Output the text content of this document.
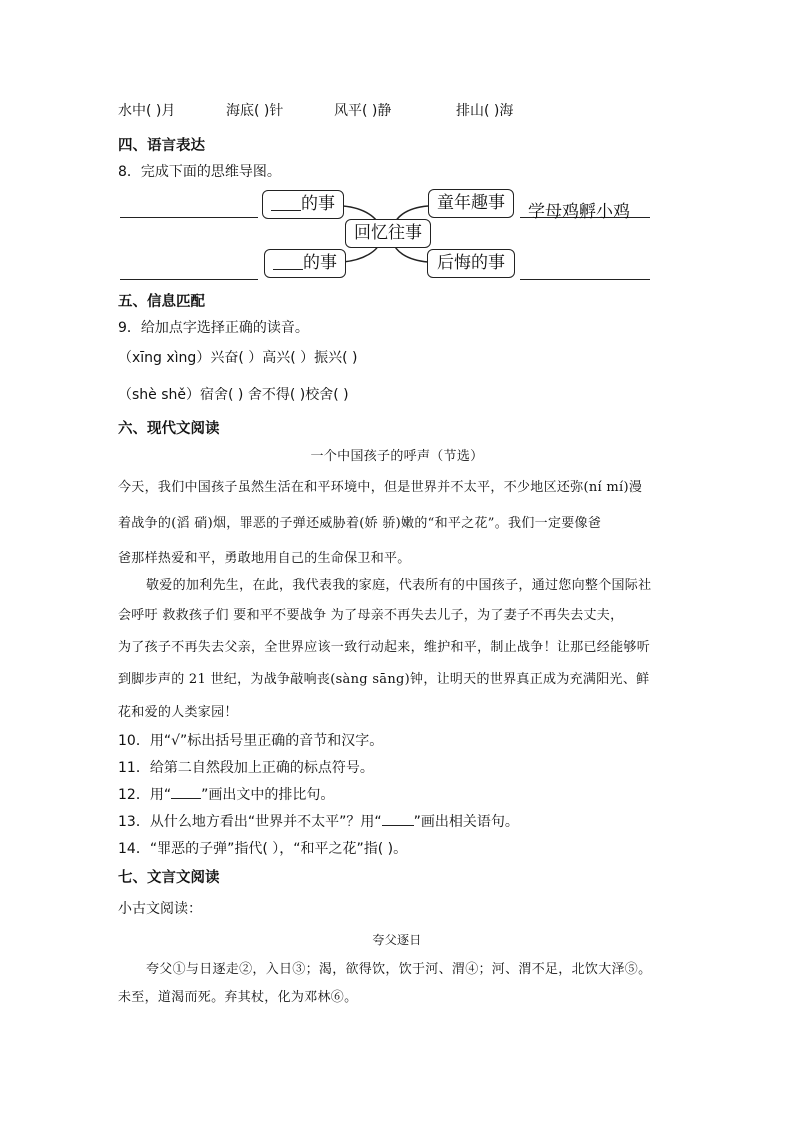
水中( )月	海底( )针	风平( )静	排山( )海
四、语言表达
8．完成下面的思维导图。
的事
的事
回忆往事
童年趣事
后悔的事
学母鸡孵小鸡
五、信息匹配
9．给加点字选择正确的读音。
（xīng xìng）兴奋( ）高兴( ）振兴( )
（shè shě）宿舍( ) 舍不得( )校舍( )
六、现代文阅读
一个中国孩子的呼声（节选）
今天，我们中国孩子虽然生活在和平环境中，但是世界并不太平，不少地区还弥(ní mí)漫
着战争的(滔 硝)烟，罪恶的子弹还威胁着(娇 骄)嫩的“和平之花”。我们一定要像爸
爸那样热爱和平，勇敢地用自己的生命保卫和平。
敬爱的加利先生，在此，我代表我的家庭，代表所有的中国孩子，通过您向整个国际社
会呼吁 救救孩子们 要和平不要战争 为了母亲不再失去儿子，为了妻子不再失去丈夫，
为了孩子不再失去父亲，全世界应该一致行动起来，维护和平，制止战争！让那已经能够听
到脚步声的 21 世纪，为战争敲响丧(sàng sāng)钟，让明天的世界真正成为充满阳光、鲜
花和爱的人类家园！
10．用“√”标出括号里正确的音节和汉字。
11．给第二自然段加上正确的标点符号。
12．用“ ”画出文中的排比句。
13．从什么地方看出“世界并不太平”？用“ ”画出相关语句。
14．“罪恶的子弹”指代( ），“和平之花”指( )。
七、文言文阅读
小古文阅读：
夸父逐日
夸父①与日逐走②，入日③；渴，欲得饮，饮于河、渭④；河、渭不足，北饮大泽⑤。
未至，道渴而死。弃其杖，化为邓林⑥。
